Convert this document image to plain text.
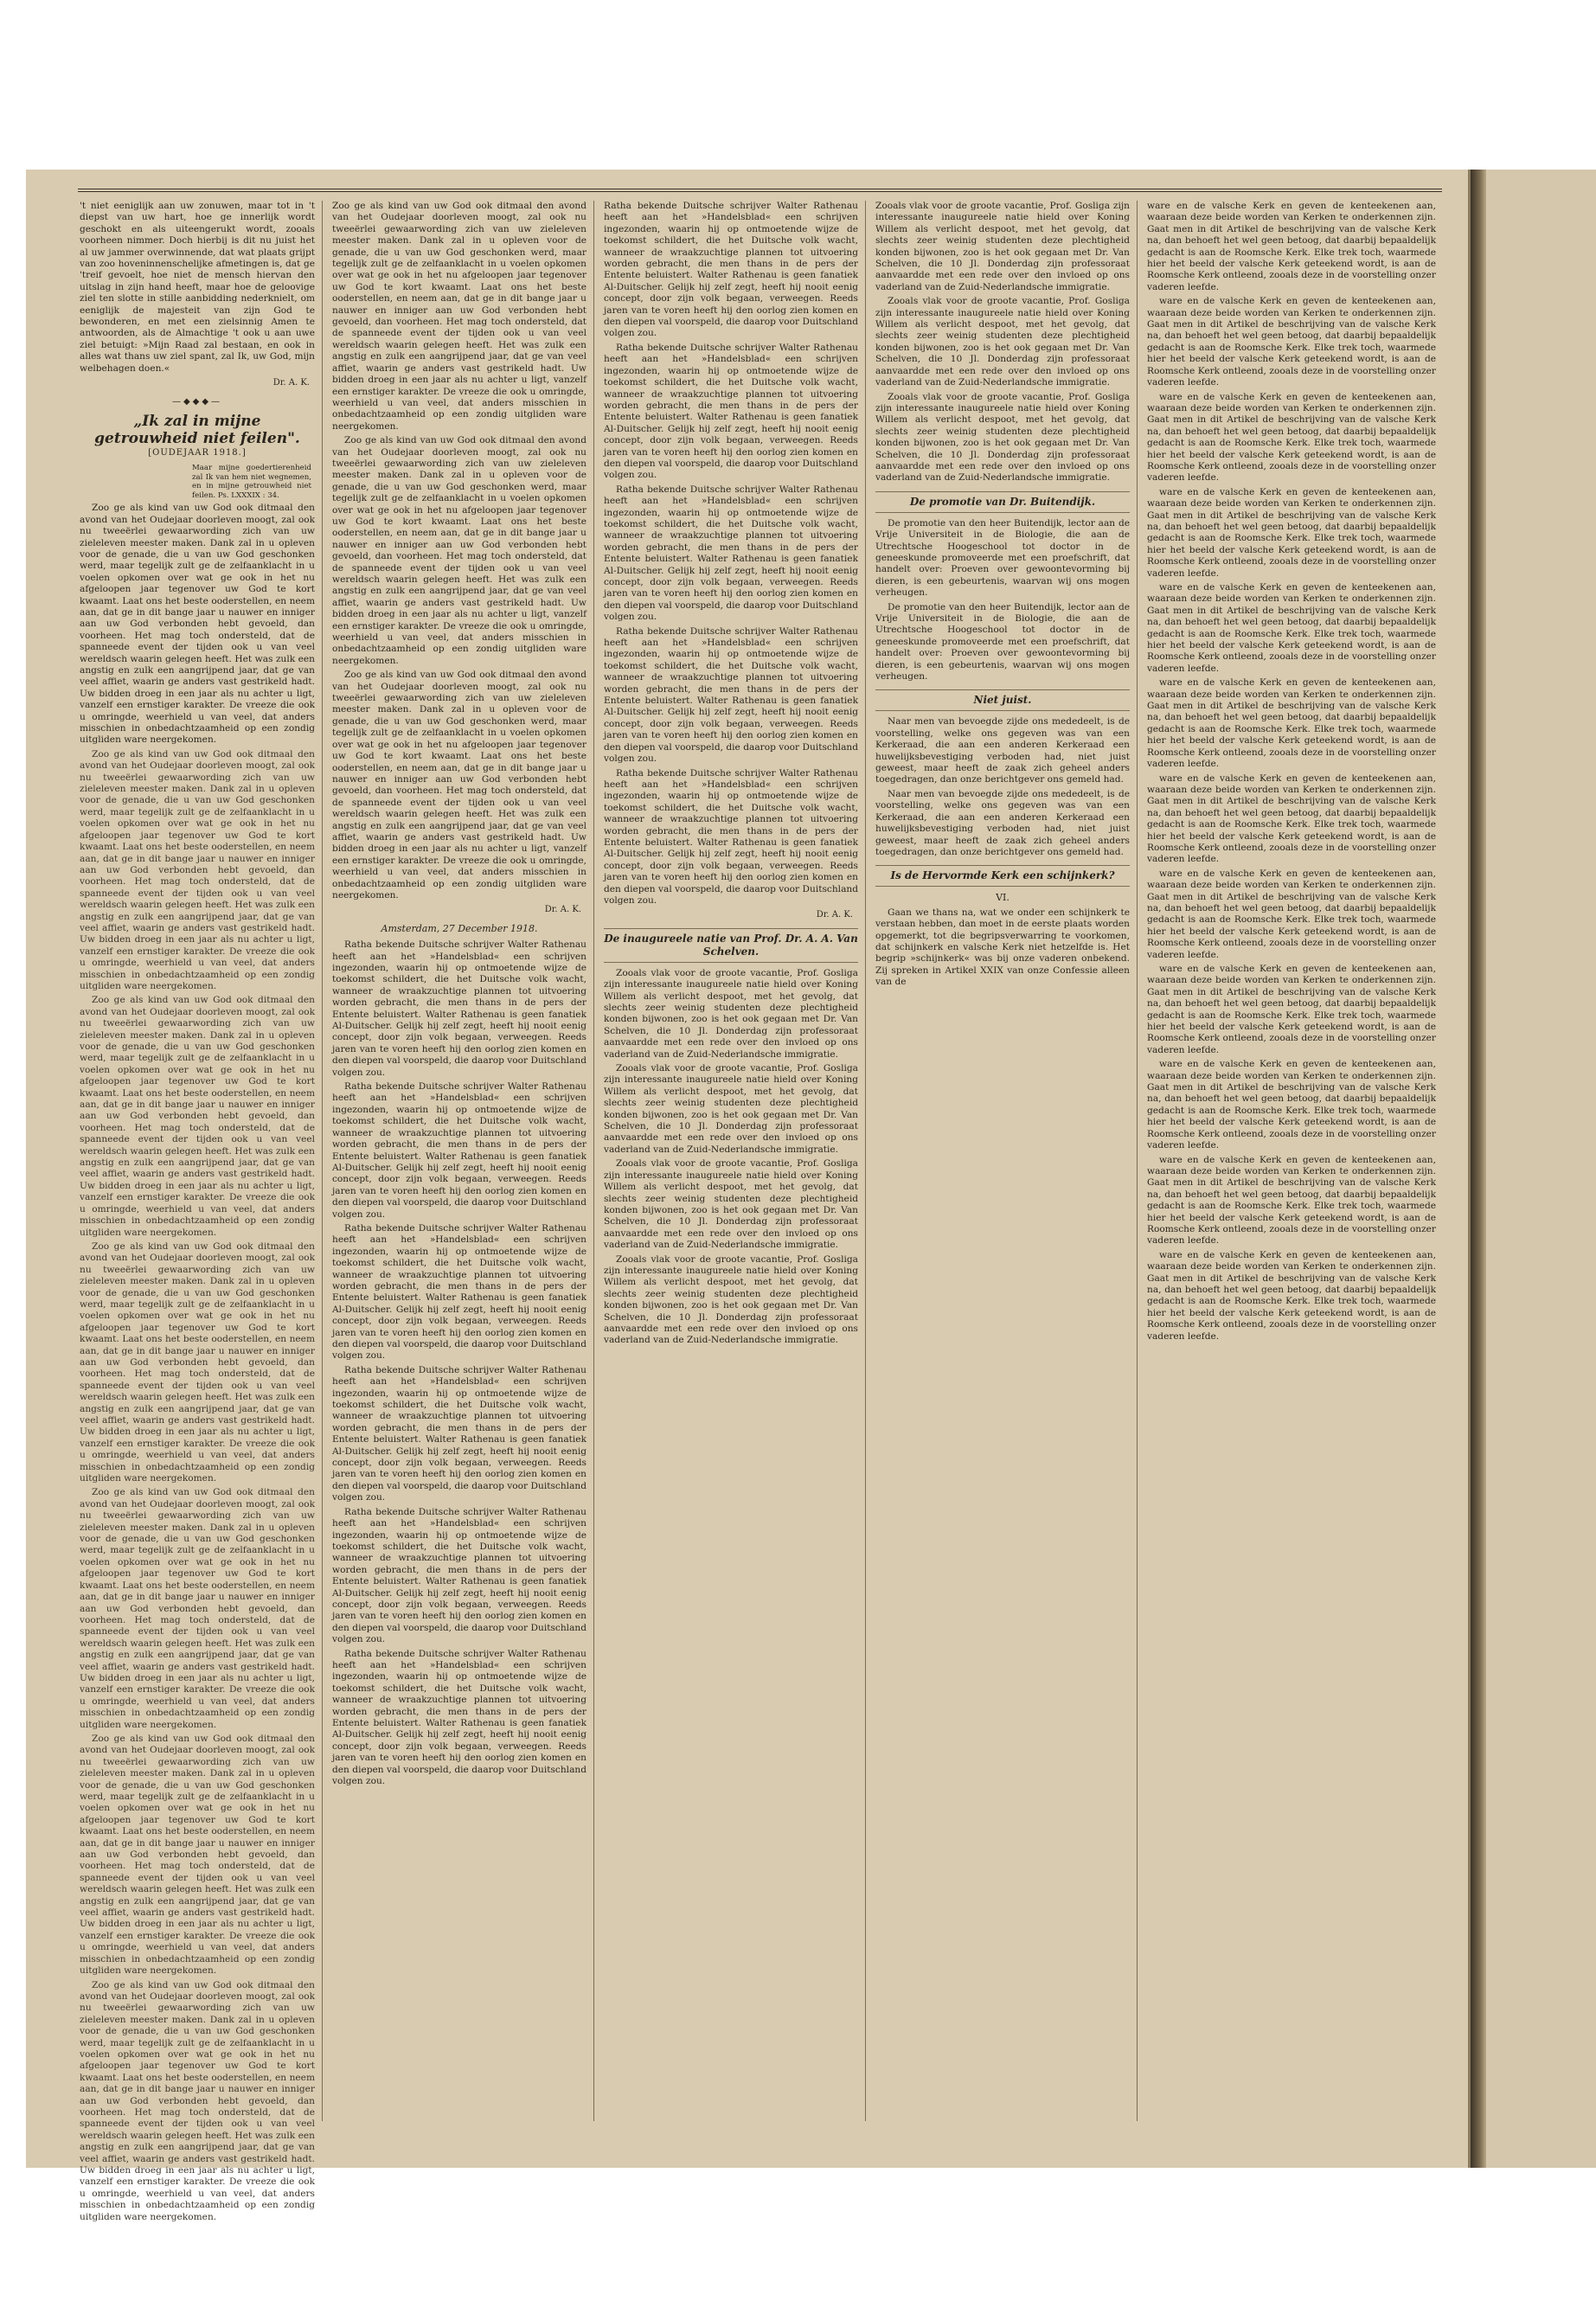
't niet eeniglijk aan uw zonuwen, maar tot in 't diepst van uw hart, hoe ge innerlijk wordt geschokt en als uiteengerukt wordt, zooals voorheen nimmer. Doch hierbij is dit nu juist het al uw jammer overwinnende, dat wat plaats grijpt van zoo hoveninnenschelijke afmetingen is, dat ge 'treif gevoelt, hoe niet de mensch hiervan den uitslag in zijn hand heeft, maar hoe de geloovige ziel ten slotte in stille aanbidding nederknielt, om eeniglijk de majesteit van zijn God te bewonderen, en met een zielsinnig Amen te antwoorden, als de Almachtige 't ook u aan uwe ziel betuigt: »Mijn Raad zal bestaan, en ook in alles wat thans uw ziel spant, zal Ik, uw God, mijn welbehagen doen.«

Dr. A. K.
—◆◆◆—
„Ik zal in mijne getrouwheid niet feilen".
[OUDEJAAR 1918.]

Maar mijne goedertierenheid zal Ik van hem niet wegnemen, en in mijne getrouwheid niet feilen. Ps. LXXXIX : 34.

Zoo ge als kind van uw God ook ditmaal den avond van het Oudejaar doorleven moogt, zal ook nu tweeërlei gewaarwording zich van uw zieleleven meester maken. Dank zal in u opleven voor de genade, die u van uw God geschonken werd, maar tegelijk zult ge de zelfaanklacht in u voelen opkomen over wat ge ook in het nu afgeloopen jaar tegenover uw God te kort kwaamt. Laat ons het beste ooderstellen, en neem aan, dat ge in dit bange jaar u nauwer en inniger aan uw God verbonden hebt gevoeld, dan voorheen. Het mag toch ondersteld, dat de spanneede event der tijden ook u van veel wereldsch waarin gelegen heeft. Het was zulk een angstig en zulk een aangrijpend jaar, dat ge van veel affiet, waarin ge anders vast gestrikeld hadt. Uw bidden droeg in een jaar als nu achter u ligt, vanzelf een ernstiger karakter. De vreeze die ook u omringde, weerhield u van veel, dat anders misschien in onbedachtzaamheid op een zondig uitgliden ware neergekomen.

Zoo ge als kind van uw God ook ditmaal den avond van het Oudejaar doorleven moogt, zal ook nu tweeërlei gewaarwording zich van uw zieleleven meester maken. Dank zal in u opleven voor de genade, die u van uw God geschonken werd, maar tegelijk zult ge de zelfaanklacht in u voelen opkomen over wat ge ook in het nu afgeloopen jaar tegenover uw God te kort kwaamt. Laat ons het beste ooderstellen, en neem aan, dat ge in dit bange jaar u nauwer en inniger aan uw God verbonden hebt gevoeld, dan voorheen. Het mag toch ondersteld, dat de spanneede event der tijden ook u van veel wereldsch waarin gelegen heeft. Het was zulk een angstig en zulk een aangrijpend jaar, dat ge van veel affiet, waarin ge anders vast gestrikeld hadt. Uw bidden droeg in een jaar als nu achter u ligt, vanzelf een ernstiger karakter. De vreeze die ook u omringde, weerhield u van veel, dat anders misschien in onbedachtzaamheid op een zondig uitgliden ware neergekomen.

Zoo ge als kind van uw God ook ditmaal den avond van het Oudejaar doorleven moogt, zal ook nu tweeërlei gewaarwording zich van uw zieleleven meester maken. Dank zal in u opleven voor de genade, die u van uw God geschonken werd, maar tegelijk zult ge de zelfaanklacht in u voelen opkomen over wat ge ook in het nu afgeloopen jaar tegenover uw God te kort kwaamt. Laat ons het beste ooderstellen, en neem aan, dat ge in dit bange jaar u nauwer en inniger aan uw God verbonden hebt gevoeld, dan voorheen. Het mag toch ondersteld, dat de spanneede event der tijden ook u van veel wereldsch waarin gelegen heeft. Het was zulk een angstig en zulk een aangrijpend jaar, dat ge van veel affiet, waarin ge anders vast gestrikeld hadt. Uw bidden droeg in een jaar als nu achter u ligt, vanzelf een ernstiger karakter. De vreeze die ook u omringde, weerhield u van veel, dat anders misschien in onbedachtzaamheid op een zondig uitgliden ware neergekomen.

Zoo ge als kind van uw God ook ditmaal den avond van het Oudejaar doorleven moogt, zal ook nu tweeërlei gewaarwording zich van uw zieleleven meester maken. Dank zal in u opleven voor de genade, die u van uw God geschonken werd, maar tegelijk zult ge de zelfaanklacht in u voelen opkomen over wat ge ook in het nu afgeloopen jaar tegenover uw God te kort kwaamt. Laat ons het beste ooderstellen, en neem aan, dat ge in dit bange jaar u nauwer en inniger aan uw God verbonden hebt gevoeld, dan voorheen. Het mag toch ondersteld, dat de spanneede event der tijden ook u van veel wereldsch waarin gelegen heeft. Het was zulk een angstig en zulk een aangrijpend jaar, dat ge van veel affiet, waarin ge anders vast gestrikeld hadt. Uw bidden droeg in een jaar als nu achter u ligt, vanzelf een ernstiger karakter. De vreeze die ook u omringde, weerhield u van veel, dat anders misschien in onbedachtzaamheid op een zondig uitgliden ware neergekomen.

Zoo ge als kind van uw God ook ditmaal den avond van het Oudejaar doorleven moogt, zal ook nu tweeërlei gewaarwording zich van uw zieleleven meester maken. Dank zal in u opleven voor de genade, die u van uw God geschonken werd, maar tegelijk zult ge de zelfaanklacht in u voelen opkomen over wat ge ook in het nu afgeloopen jaar tegenover uw God te kort kwaamt. Laat ons het beste ooderstellen, en neem aan, dat ge in dit bange jaar u nauwer en inniger aan uw God verbonden hebt gevoeld, dan voorheen. Het mag toch ondersteld, dat de spanneede event der tijden ook u van veel wereldsch waarin gelegen heeft. Het was zulk een angstig en zulk een aangrijpend jaar, dat ge van veel affiet, waarin ge anders vast gestrikeld hadt. Uw bidden droeg in een jaar als nu achter u ligt, vanzelf een ernstiger karakter. De vreeze die ook u omringde, weerhield u van veel, dat anders misschien in onbedachtzaamheid op een zondig uitgliden ware neergekomen.

Zoo ge als kind van uw God ook ditmaal den avond van het Oudejaar doorleven moogt, zal ook nu tweeërlei gewaarwording zich van uw zieleleven meester maken. Dank zal in u opleven voor de genade, die u van uw God geschonken werd, maar tegelijk zult ge de zelfaanklacht in u voelen opkomen over wat ge ook in het nu afgeloopen jaar tegenover uw God te kort kwaamt. Laat ons het beste ooderstellen, en neem aan, dat ge in dit bange jaar u nauwer en inniger aan uw God verbonden hebt gevoeld, dan voorheen. Het mag toch ondersteld, dat de spanneede event der tijden ook u van veel wereldsch waarin gelegen heeft. Het was zulk een angstig en zulk een aangrijpend jaar, dat ge van veel affiet, waarin ge anders vast gestrikeld hadt. Uw bidden droeg in een jaar als nu achter u ligt, vanzelf een ernstiger karakter. De vreeze die ook u omringde, weerhield u van veel, dat anders misschien in onbedachtzaamheid op een zondig uitgliden ware neergekomen.

Zoo ge als kind van uw God ook ditmaal den avond van het Oudejaar doorleven moogt, zal ook nu tweeërlei gewaarwording zich van uw zieleleven meester maken. Dank zal in u opleven voor de genade, die u van uw God geschonken werd, maar tegelijk zult ge de zelfaanklacht in u voelen opkomen over wat ge ook in het nu afgeloopen jaar tegenover uw God te kort kwaamt. Laat ons het beste ooderstellen, en neem aan, dat ge in dit bange jaar u nauwer en inniger aan uw God verbonden hebt gevoeld, dan voorheen. Het mag toch ondersteld, dat de spanneede event der tijden ook u van veel wereldsch waarin gelegen heeft. Het was zulk een angstig en zulk een aangrijpend jaar, dat ge van veel affiet, waarin ge anders vast gestrikeld hadt. Uw bidden droeg in een jaar als nu achter u ligt, vanzelf een ernstiger karakter. De vreeze die ook u omringde, weerhield u van veel, dat anders misschien in onbedachtzaamheid op een zondig uitgliden ware neergekomen.

Zoo ge als kind van uw God ook ditmaal den avond van het Oudejaar doorleven moogt, zal ook nu tweeërlei gewaarwording zich van uw zieleleven meester maken. Dank zal in u opleven voor de genade, die u van uw God geschonken werd, maar tegelijk zult ge de zelfaanklacht in u voelen opkomen over wat ge ook in het nu afgeloopen jaar tegenover uw God te kort kwaamt. Laat ons het beste ooderstellen, en neem aan, dat ge in dit bange jaar u nauwer en inniger aan uw God verbonden hebt gevoeld, dan voorheen. Het mag toch ondersteld, dat de spanneede event der tijden ook u van veel wereldsch waarin gelegen heeft. Het was zulk een angstig en zulk een aangrijpend jaar, dat ge van veel affiet, waarin ge anders vast gestrikeld hadt. Uw bidden droeg in een jaar als nu achter u ligt, vanzelf een ernstiger karakter. De vreeze die ook u omringde, weerhield u van veel, dat anders misschien in onbedachtzaamheid op een zondig uitgliden ware neergekomen.

Zoo ge als kind van uw God ook ditmaal den avond van het Oudejaar doorleven moogt, zal ook nu tweeërlei gewaarwording zich van uw zieleleven meester maken. Dank zal in u opleven voor de genade, die u van uw God geschonken werd, maar tegelijk zult ge de zelfaanklacht in u voelen opkomen over wat ge ook in het nu afgeloopen jaar tegenover uw God te kort kwaamt. Laat ons het beste ooderstellen, en neem aan, dat ge in dit bange jaar u nauwer en inniger aan uw God verbonden hebt gevoeld, dan voorheen. Het mag toch ondersteld, dat de spanneede event der tijden ook u van veel wereldsch waarin gelegen heeft. Het was zulk een angstig en zulk een aangrijpend jaar, dat ge van veel affiet, waarin ge anders vast gestrikeld hadt. Uw bidden droeg in een jaar als nu achter u ligt, vanzelf een ernstiger karakter. De vreeze die ook u omringde, weerhield u van veel, dat anders misschien in onbedachtzaamheid op een zondig uitgliden ware neergekomen.

Zoo ge als kind van uw God ook ditmaal den avond van het Oudejaar doorleven moogt, zal ook nu tweeërlei gewaarwording zich van uw zieleleven meester maken. Dank zal in u opleven voor de genade, die u van uw God geschonken werd, maar tegelijk zult ge de zelfaanklacht in u voelen opkomen over wat ge ook in het nu afgeloopen jaar tegenover uw God te kort kwaamt. Laat ons het beste ooderstellen, en neem aan, dat ge in dit bange jaar u nauwer en inniger aan uw God verbonden hebt gevoeld, dan voorheen. Het mag toch ondersteld, dat de spanneede event der tijden ook u van veel wereldsch waarin gelegen heeft. Het was zulk een angstig en zulk een aangrijpend jaar, dat ge van veel affiet, waarin ge anders vast gestrikeld hadt. Uw bidden droeg in een jaar als nu achter u ligt, vanzelf een ernstiger karakter. De vreeze die ook u omringde, weerhield u van veel, dat anders misschien in onbedachtzaamheid op een zondig uitgliden ware neergekomen.

Dr. A. K.
Amsterdam, 27 December 1918.

Ratha bekende Duitsche schrijver Walter Rathenau heeft aan het »Handelsblad« een schrijven ingezonden, waarin hij op ontmoetende wijze de toekomst schildert, die het Duitsche volk wacht, wanneer de wraakzuchtige plannen tot uitvoering worden gebracht, die men thans in de pers der Entente beluistert. Walter Rathenau is geen fanatiek Al-Duitscher. Gelijk hij zelf zegt, heeft hij nooit eenig concept, door zijn volk begaan, verweegen. Reeds jaren van te voren heeft hij den oorlog zien komen en den diepen val voorspeld, die daarop voor Duitschland volgen zou.

Ratha bekende Duitsche schrijver Walter Rathenau heeft aan het »Handelsblad« een schrijven ingezonden, waarin hij op ontmoetende wijze de toekomst schildert, die het Duitsche volk wacht, wanneer de wraakzuchtige plannen tot uitvoering worden gebracht, die men thans in de pers der Entente beluistert. Walter Rathenau is geen fanatiek Al-Duitscher. Gelijk hij zelf zegt, heeft hij nooit eenig concept, door zijn volk begaan, verweegen. Reeds jaren van te voren heeft hij den oorlog zien komen en den diepen val voorspeld, die daarop voor Duitschland volgen zou.

Ratha bekende Duitsche schrijver Walter Rathenau heeft aan het »Handelsblad« een schrijven ingezonden, waarin hij op ontmoetende wijze de toekomst schildert, die het Duitsche volk wacht, wanneer de wraakzuchtige plannen tot uitvoering worden gebracht, die men thans in de pers der Entente beluistert. Walter Rathenau is geen fanatiek Al-Duitscher. Gelijk hij zelf zegt, heeft hij nooit eenig concept, door zijn volk begaan, verweegen. Reeds jaren van te voren heeft hij den oorlog zien komen en den diepen val voorspeld, die daarop voor Duitschland volgen zou.

Ratha bekende Duitsche schrijver Walter Rathenau heeft aan het »Handelsblad« een schrijven ingezonden, waarin hij op ontmoetende wijze de toekomst schildert, die het Duitsche volk wacht, wanneer de wraakzuchtige plannen tot uitvoering worden gebracht, die men thans in de pers der Entente beluistert. Walter Rathenau is geen fanatiek Al-Duitscher. Gelijk hij zelf zegt, heeft hij nooit eenig concept, door zijn volk begaan, verweegen. Reeds jaren van te voren heeft hij den oorlog zien komen en den diepen val voorspeld, die daarop voor Duitschland volgen zou.

Ratha bekende Duitsche schrijver Walter Rathenau heeft aan het »Handelsblad« een schrijven ingezonden, waarin hij op ontmoetende wijze de toekomst schildert, die het Duitsche volk wacht, wanneer de wraakzuchtige plannen tot uitvoering worden gebracht, die men thans in de pers der Entente beluistert. Walter Rathenau is geen fanatiek Al-Duitscher. Gelijk hij zelf zegt, heeft hij nooit eenig concept, door zijn volk begaan, verweegen. Reeds jaren van te voren heeft hij den oorlog zien komen en den diepen val voorspeld, die daarop voor Duitschland volgen zou.

Ratha bekende Duitsche schrijver Walter Rathenau heeft aan het »Handelsblad« een schrijven ingezonden, waarin hij op ontmoetende wijze de toekomst schildert, die het Duitsche volk wacht, wanneer de wraakzuchtige plannen tot uitvoering worden gebracht, die men thans in de pers der Entente beluistert. Walter Rathenau is geen fanatiek Al-Duitscher. Gelijk hij zelf zegt, heeft hij nooit eenig concept, door zijn volk begaan, verweegen. Reeds jaren van te voren heeft hij den oorlog zien komen en den diepen val voorspeld, die daarop voor Duitschland volgen zou.

Ratha bekende Duitsche schrijver Walter Rathenau heeft aan het »Handelsblad« een schrijven ingezonden, waarin hij op ontmoetende wijze de toekomst schildert, die het Duitsche volk wacht, wanneer de wraakzuchtige plannen tot uitvoering worden gebracht, die men thans in de pers der Entente beluistert. Walter Rathenau is geen fanatiek Al-Duitscher. Gelijk hij zelf zegt, heeft hij nooit eenig concept, door zijn volk begaan, verweegen. Reeds jaren van te voren heeft hij den oorlog zien komen en den diepen val voorspeld, die daarop voor Duitschland volgen zou.

Ratha bekende Duitsche schrijver Walter Rathenau heeft aan het »Handelsblad« een schrijven ingezonden, waarin hij op ontmoetende wijze de toekomst schildert, die het Duitsche volk wacht, wanneer de wraakzuchtige plannen tot uitvoering worden gebracht, die men thans in de pers der Entente beluistert. Walter Rathenau is geen fanatiek Al-Duitscher. Gelijk hij zelf zegt, heeft hij nooit eenig concept, door zijn volk begaan, verweegen. Reeds jaren van te voren heeft hij den oorlog zien komen en den diepen val voorspeld, die daarop voor Duitschland volgen zou.

Ratha bekende Duitsche schrijver Walter Rathenau heeft aan het »Handelsblad« een schrijven ingezonden, waarin hij op ontmoetende wijze de toekomst schildert, die het Duitsche volk wacht, wanneer de wraakzuchtige plannen tot uitvoering worden gebracht, die men thans in de pers der Entente beluistert. Walter Rathenau is geen fanatiek Al-Duitscher. Gelijk hij zelf zegt, heeft hij nooit eenig concept, door zijn volk begaan, verweegen. Reeds jaren van te voren heeft hij den oorlog zien komen en den diepen val voorspeld, die daarop voor Duitschland volgen zou.

Ratha bekende Duitsche schrijver Walter Rathenau heeft aan het »Handelsblad« een schrijven ingezonden, waarin hij op ontmoetende wijze de toekomst schildert, die het Duitsche volk wacht, wanneer de wraakzuchtige plannen tot uitvoering worden gebracht, die men thans in de pers der Entente beluistert. Walter Rathenau is geen fanatiek Al-Duitscher. Gelijk hij zelf zegt, heeft hij nooit eenig concept, door zijn volk begaan, verweegen. Reeds jaren van te voren heeft hij den oorlog zien komen en den diepen val voorspeld, die daarop voor Duitschland volgen zou.

Ratha bekende Duitsche schrijver Walter Rathenau heeft aan het »Handelsblad« een schrijven ingezonden, waarin hij op ontmoetende wijze de toekomst schildert, die het Duitsche volk wacht, wanneer de wraakzuchtige plannen tot uitvoering worden gebracht, die men thans in de pers der Entente beluistert. Walter Rathenau is geen fanatiek Al-Duitscher. Gelijk hij zelf zegt, heeft hij nooit eenig concept, door zijn volk begaan, verweegen. Reeds jaren van te voren heeft hij den oorlog zien komen en den diepen val voorspeld, die daarop voor Duitschland volgen zou.

Dr. A. K.
De inaugureele natie van Prof. Dr. A. A. Van Schelven.

Zooals vlak voor de groote vacantie, Prof. Gosliga zijn interessante inaugureele natie hield over Koning Willem als verlicht despoot, met het gevolg, dat slechts zeer weinig studenten deze plechtigheid konden bijwonen, zoo is het ook gegaan met Dr. Van Schelven, die 10 Jl. Donderdag zijn professoraat aanvaardde met een rede over den invloed op ons vaderland van de Zuid-Nederlandsche immigratie.

Zooals vlak voor de groote vacantie, Prof. Gosliga zijn interessante inaugureele natie hield over Koning Willem als verlicht despoot, met het gevolg, dat slechts zeer weinig studenten deze plechtigheid konden bijwonen, zoo is het ook gegaan met Dr. Van Schelven, die 10 Jl. Donderdag zijn professoraat aanvaardde met een rede over den invloed op ons vaderland van de Zuid-Nederlandsche immigratie.

Zooals vlak voor de groote vacantie, Prof. Gosliga zijn interessante inaugureele natie hield over Koning Willem als verlicht despoot, met het gevolg, dat slechts zeer weinig studenten deze plechtigheid konden bijwonen, zoo is het ook gegaan met Dr. Van Schelven, die 10 Jl. Donderdag zijn professoraat aanvaardde met een rede over den invloed op ons vaderland van de Zuid-Nederlandsche immigratie.

Zooals vlak voor de groote vacantie, Prof. Gosliga zijn interessante inaugureele natie hield over Koning Willem als verlicht despoot, met het gevolg, dat slechts zeer weinig studenten deze plechtigheid konden bijwonen, zoo is het ook gegaan met Dr. Van Schelven, die 10 Jl. Donderdag zijn professoraat aanvaardde met een rede over den invloed op ons vaderland van de Zuid-Nederlandsche immigratie.

Zooals vlak voor de groote vacantie, Prof. Gosliga zijn interessante inaugureele natie hield over Koning Willem als verlicht despoot, met het gevolg, dat slechts zeer weinig studenten deze plechtigheid konden bijwonen, zoo is het ook gegaan met Dr. Van Schelven, die 10 Jl. Donderdag zijn professoraat aanvaardde met een rede over den invloed op ons vaderland van de Zuid-Nederlandsche immigratie.

Zooals vlak voor de groote vacantie, Prof. Gosliga zijn interessante inaugureele natie hield over Koning Willem als verlicht despoot, met het gevolg, dat slechts zeer weinig studenten deze plechtigheid konden bijwonen, zoo is het ook gegaan met Dr. Van Schelven, die 10 Jl. Donderdag zijn professoraat aanvaardde met een rede over den invloed op ons vaderland van de Zuid-Nederlandsche immigratie.

Zooals vlak voor de groote vacantie, Prof. Gosliga zijn interessante inaugureele natie hield over Koning Willem als verlicht despoot, met het gevolg, dat slechts zeer weinig studenten deze plechtigheid konden bijwonen, zoo is het ook gegaan met Dr. Van Schelven, die 10 Jl. Donderdag zijn professoraat aanvaardde met een rede over den invloed op ons vaderland van de Zuid-Nederlandsche immigratie.

De promotie van Dr. Buitendijk.

De promotie van den heer Buitendijk, lector aan de Vrije Universiteit in de Biologie, die aan de Utrechtsche Hoogeschool tot doctor in de geneeskunde promoveerde met een proefschrift, dat handelt over: Proeven over gewoontevorming bij dieren, is een gebeurtenis, waarvan wij ons mogen verheugen.

De promotie van den heer Buitendijk, lector aan de Vrije Universiteit in de Biologie, die aan de Utrechtsche Hoogeschool tot doctor in de geneeskunde promoveerde met een proefschrift, dat handelt over: Proeven over gewoontevorming bij dieren, is een gebeurtenis, waarvan wij ons mogen verheugen.

Niet juist.

Naar men van bevoegde zijde ons mededeelt, is de voorstelling, welke ons gegeven was van een Kerkeraad, die aan een anderen Kerkeraad een huwelijksbevestiging verboden had, niet juist geweest, maar heeft de zaak zich geheel anders toegedragen, dan onze berichtgever ons gemeld had.

Naar men van bevoegde zijde ons mededeelt, is de voorstelling, welke ons gegeven was van een Kerkeraad, die aan een anderen Kerkeraad een huwelijksbevestiging verboden had, niet juist geweest, maar heeft de zaak zich geheel anders toegedragen, dan onze berichtgever ons gemeld had.

Is de Hervormde Kerk een schijnkerk?
VI.

Gaan we thans na, wat we onder een schijnkerk te verstaan hebben, dan moet in de eerste plaats worden opgemerkt, tot die begripsverwarring te voorkomen, dat schijnkerk en valsche Kerk niet hetzelfde is. Het begrip »schijnkerk« was bij onze vaderen onbekend. Zij spreken in Artikel XXIX van onze Confessie alleen van de

ware en de valsche Kerk en geven de kenteekenen aan, waaraan deze beide worden van Kerken te onderkennen zijn. Gaat men in dit Artikel de beschrijving van de valsche Kerk na, dan behoeft het wel geen betoog, dat daarbij bepaaldelijk gedacht is aan de Roomsche Kerk. Elke trek toch, waarmede hier het beeld der valsche Kerk geteekend wordt, is aan de Roomsche Kerk ontleend, zooals deze in de voorstelling onzer vaderen leefde.

ware en de valsche Kerk en geven de kenteekenen aan, waaraan deze beide worden van Kerken te onderkennen zijn. Gaat men in dit Artikel de beschrijving van de valsche Kerk na, dan behoeft het wel geen betoog, dat daarbij bepaaldelijk gedacht is aan de Roomsche Kerk. Elke trek toch, waarmede hier het beeld der valsche Kerk geteekend wordt, is aan de Roomsche Kerk ontleend, zooals deze in de voorstelling onzer vaderen leefde.

ware en de valsche Kerk en geven de kenteekenen aan, waaraan deze beide worden van Kerken te onderkennen zijn. Gaat men in dit Artikel de beschrijving van de valsche Kerk na, dan behoeft het wel geen betoog, dat daarbij bepaaldelijk gedacht is aan de Roomsche Kerk. Elke trek toch, waarmede hier het beeld der valsche Kerk geteekend wordt, is aan de Roomsche Kerk ontleend, zooals deze in de voorstelling onzer vaderen leefde.

ware en de valsche Kerk en geven de kenteekenen aan, waaraan deze beide worden van Kerken te onderkennen zijn. Gaat men in dit Artikel de beschrijving van de valsche Kerk na, dan behoeft het wel geen betoog, dat daarbij bepaaldelijk gedacht is aan de Roomsche Kerk. Elke trek toch, waarmede hier het beeld der valsche Kerk geteekend wordt, is aan de Roomsche Kerk ontleend, zooals deze in de voorstelling onzer vaderen leefde.

ware en de valsche Kerk en geven de kenteekenen aan, waaraan deze beide worden van Kerken te onderkennen zijn. Gaat men in dit Artikel de beschrijving van de valsche Kerk na, dan behoeft het wel geen betoog, dat daarbij bepaaldelijk gedacht is aan de Roomsche Kerk. Elke trek toch, waarmede hier het beeld der valsche Kerk geteekend wordt, is aan de Roomsche Kerk ontleend, zooals deze in de voorstelling onzer vaderen leefde.

ware en de valsche Kerk en geven de kenteekenen aan, waaraan deze beide worden van Kerken te onderkennen zijn. Gaat men in dit Artikel de beschrijving van de valsche Kerk na, dan behoeft het wel geen betoog, dat daarbij bepaaldelijk gedacht is aan de Roomsche Kerk. Elke trek toch, waarmede hier het beeld der valsche Kerk geteekend wordt, is aan de Roomsche Kerk ontleend, zooals deze in de voorstelling onzer vaderen leefde.

ware en de valsche Kerk en geven de kenteekenen aan, waaraan deze beide worden van Kerken te onderkennen zijn. Gaat men in dit Artikel de beschrijving van de valsche Kerk na, dan behoeft het wel geen betoog, dat daarbij bepaaldelijk gedacht is aan de Roomsche Kerk. Elke trek toch, waarmede hier het beeld der valsche Kerk geteekend wordt, is aan de Roomsche Kerk ontleend, zooals deze in de voorstelling onzer vaderen leefde.

ware en de valsche Kerk en geven de kenteekenen aan, waaraan deze beide worden van Kerken te onderkennen zijn. Gaat men in dit Artikel de beschrijving van de valsche Kerk na, dan behoeft het wel geen betoog, dat daarbij bepaaldelijk gedacht is aan de Roomsche Kerk. Elke trek toch, waarmede hier het beeld der valsche Kerk geteekend wordt, is aan de Roomsche Kerk ontleend, zooals deze in de voorstelling onzer vaderen leefde.

ware en de valsche Kerk en geven de kenteekenen aan, waaraan deze beide worden van Kerken te onderkennen zijn. Gaat men in dit Artikel de beschrijving van de valsche Kerk na, dan behoeft het wel geen betoog, dat daarbij bepaaldelijk gedacht is aan de Roomsche Kerk. Elke trek toch, waarmede hier het beeld der valsche Kerk geteekend wordt, is aan de Roomsche Kerk ontleend, zooals deze in de voorstelling onzer vaderen leefde.

ware en de valsche Kerk en geven de kenteekenen aan, waaraan deze beide worden van Kerken te onderkennen zijn. Gaat men in dit Artikel de beschrijving van de valsche Kerk na, dan behoeft het wel geen betoog, dat daarbij bepaaldelijk gedacht is aan de Roomsche Kerk. Elke trek toch, waarmede hier het beeld der valsche Kerk geteekend wordt, is aan de Roomsche Kerk ontleend, zooals deze in de voorstelling onzer vaderen leefde.

ware en de valsche Kerk en geven de kenteekenen aan, waaraan deze beide worden van Kerken te onderkennen zijn. Gaat men in dit Artikel de beschrijving van de valsche Kerk na, dan behoeft het wel geen betoog, dat daarbij bepaaldelijk gedacht is aan de Roomsche Kerk. Elke trek toch, waarmede hier het beeld der valsche Kerk geteekend wordt, is aan de Roomsche Kerk ontleend, zooals deze in de voorstelling onzer vaderen leefde.

ware en de valsche Kerk en geven de kenteekenen aan, waaraan deze beide worden van Kerken te onderkennen zijn. Gaat men in dit Artikel de beschrijving van de valsche Kerk na, dan behoeft het wel geen betoog, dat daarbij bepaaldelijk gedacht is aan de Roomsche Kerk. Elke trek toch, waarmede hier het beeld der valsche Kerk geteekend wordt, is aan de Roomsche Kerk ontleend, zooals deze in de voorstelling onzer vaderen leefde.
